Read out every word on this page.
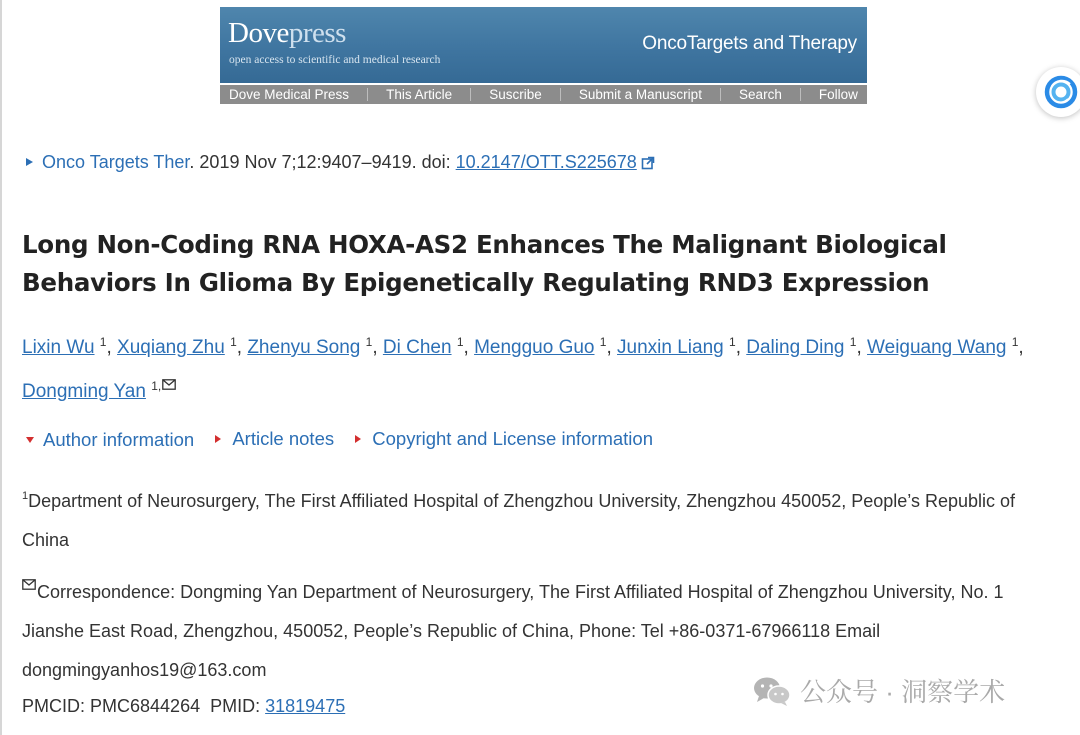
Dovepress
open access to scientific and medical research
OncoTargets and Therapy
Dove Medical Press	This Article	Suscribe	Submit a Manuscript	Search	Follow
Onco Targets Ther. 2019 Nov 7;12:9407–9419. doi: 10.2147/OTT.S225678
Long Non-Coding RNA HOXA-AS2 Enhances The Malignant Biological Behaviors In Glioma By Epigenetically Regulating RND3 Expression
Lixin Wu $^1$, Xuqiang Zhu $^1$, Zhenyu Song $^1$, Di Chen $^1$, Mengguo Guo $^1$, Junxin Liang $^1$, Daling Ding $^1$, Weiguang Wang $^1$,
Dongming Yan $^{1,}$
Author information
Article notes
Copyright and License information
$^1$Department of Neurosurgery, The First Affiliated Hospital of Zhengzhou University, Zhengzhou 450052, People’s Republic of China
Correspondence: Dongming Yan Department of Neurosurgery, The First Affiliated Hospital of Zhengzhou University, No. 1 Jianshe East Road, Zhengzhou, 450052, People’s Republic of China, Phone: Tel +86-0371-67966118 Email dongmingyanhos19@163.com
PMCID: PMC6844264 PMID: 31819475	公众号 · 洞察学术
